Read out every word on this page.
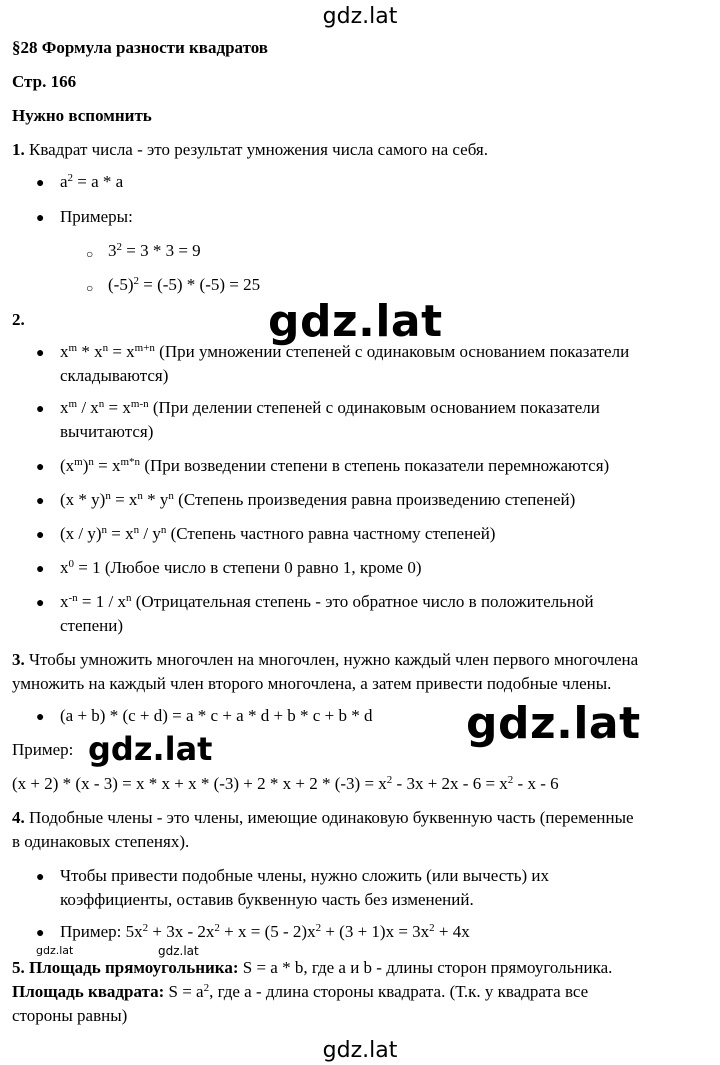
gdz.lat
gdz.lat
gdz.lat
gdz.lat
gdz.lat	gdz.lat
gdz.lat
§28 Формула разности квадратов
Стр. 166
Нужно вспомнить
1. Квадрат числа - это результат умножения числа самого на себя.
● $a^2 = a * a$
● Примеры:
○ $3^2 = 3 * 3 = 9$
○ $(-5)^2 = (-5) * (-5) = 25$
2.
● $x^m * x^n = x^{m+n}$ (При умножении степеней с одинаковым основанием показатели
складываются)
● $x^m / x^n = x^{m-n}$ (При делении степеней с одинаковым основанием показатели
вычитаются)
● $(x^m)^n = x^{m*n}$ (При возведении степени в степень показатели перемножаются)
● $(x * y)^n = x^n * y^n$ (Степень произведения равна произведению степеней)
● $(x / y)^n = x^n / y^n$ (Степень частного равна частному степеней)
● $x^0 = 1$ (Любое число в степени 0 равно 1, кроме 0)
● $x^{-n} = 1 / x^n$ (Отрицательная степень - это обратное число в положительной
степени)
3. Чтобы умножить многочлен на многочлен, нужно каждый член первого многочлена
умножить на каждый член второго многочлена, а затем привести подобные члены.
● (a + b) * (c + d) = a * c + a * d + b * c + b * d
Пример:
$(x + 2) * (x - 3) = x * x + x * (-3) + 2 * x + 2 * (-3) = x^2 - 3x + 2x - 6 = x^2 - x - 6$
4. Подобные члены - это члены, имеющие одинаковую буквенную часть (переменные
в одинаковых степенях).
● Чтобы привести подобные члены, нужно сложить (или вычесть) их
коэффициенты, оставив буквенную часть без изменений.
● Пример: $5x^2 + 3x - 2x^2 + x = (5 - 2)x^2 + (3 + 1)x = 3x^2 + 4x$
5. Площадь прямоугольника: S = a * b, где a и b - длины сторон прямоугольника.
Площадь квадрата: $S = a^2$, где a - длина стороны квадрата. (Т.к. у квадрата все
стороны равны)
